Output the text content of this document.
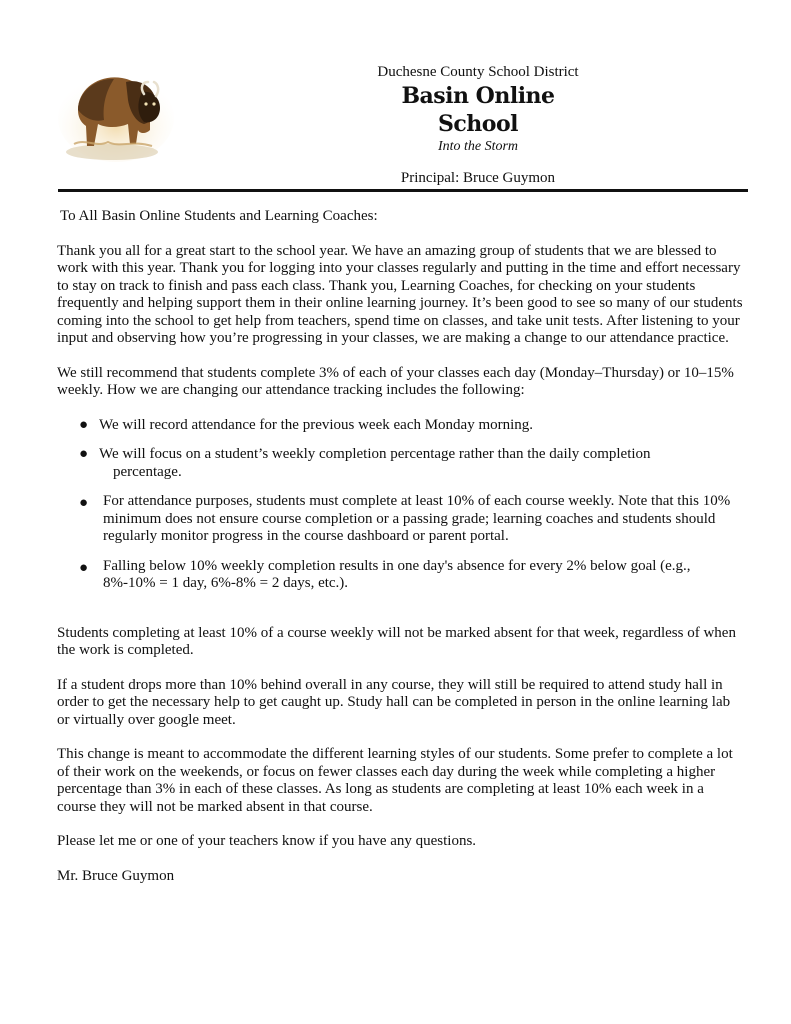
Duchesne County School District
Basin Online School
Into the Storm
Principal: Bruce Guymon

To All Basin Online Students and Learning Coaches:

Thank you all for a great start to the school year. We have an amazing group of students that we are blessed to work with this year. Thank you for logging into your classes regularly and putting in the time and effort necessary to stay on track to finish and pass each class. Thank you, Learning Coaches, for checking on your students frequently and helping support them in their online learning journey. It’s been good to see so many of our students coming into the school to get help from teachers, spend time on classes, and take unit tests. After listening to your input and observing how you’re progressing in your classes, we are making a change to our attendance practice.

We still recommend that students complete 3% of each of your classes each day (Monday–Thursday) or 10–15% weekly. How we are changing our attendance tracking includes the following:

● We will record attendance for the previous week each Monday morning.
● We will focus on a student’s weekly completion percentage rather than the daily completion
percentage.
● For attendance purposes, students must complete at least 10% of each course weekly. Note that this 10% minimum does not ensure course completion or a passing grade; learning coaches and students should regularly monitor progress in the course dashboard or parent portal.
● Falling below 10% weekly completion results in one day's absence for every 2% below goal (e.g., 8%-10% = 1 day, 6%-8% = 2 days, etc.).

Students completing at least 10% of a course weekly will not be marked absent for that week, regardless of when the work is completed.

If a student drops more than 10% behind overall in any course, they will still be required to attend study hall in order to get the necessary help to get caught up. Study hall can be completed in person in the online learning lab or virtually over google meet.

This change is meant to accommodate the different learning styles of our students. Some prefer to complete a lot of their work on the weekends, or focus on fewer classes each day during the week while completing a higher percentage than 3% in each of these classes. As long as students are completing at least 10% each week in a course they will not be marked absent in that course.

Please let me or one of your teachers know if you have any questions.

Mr. Bruce Guymon
